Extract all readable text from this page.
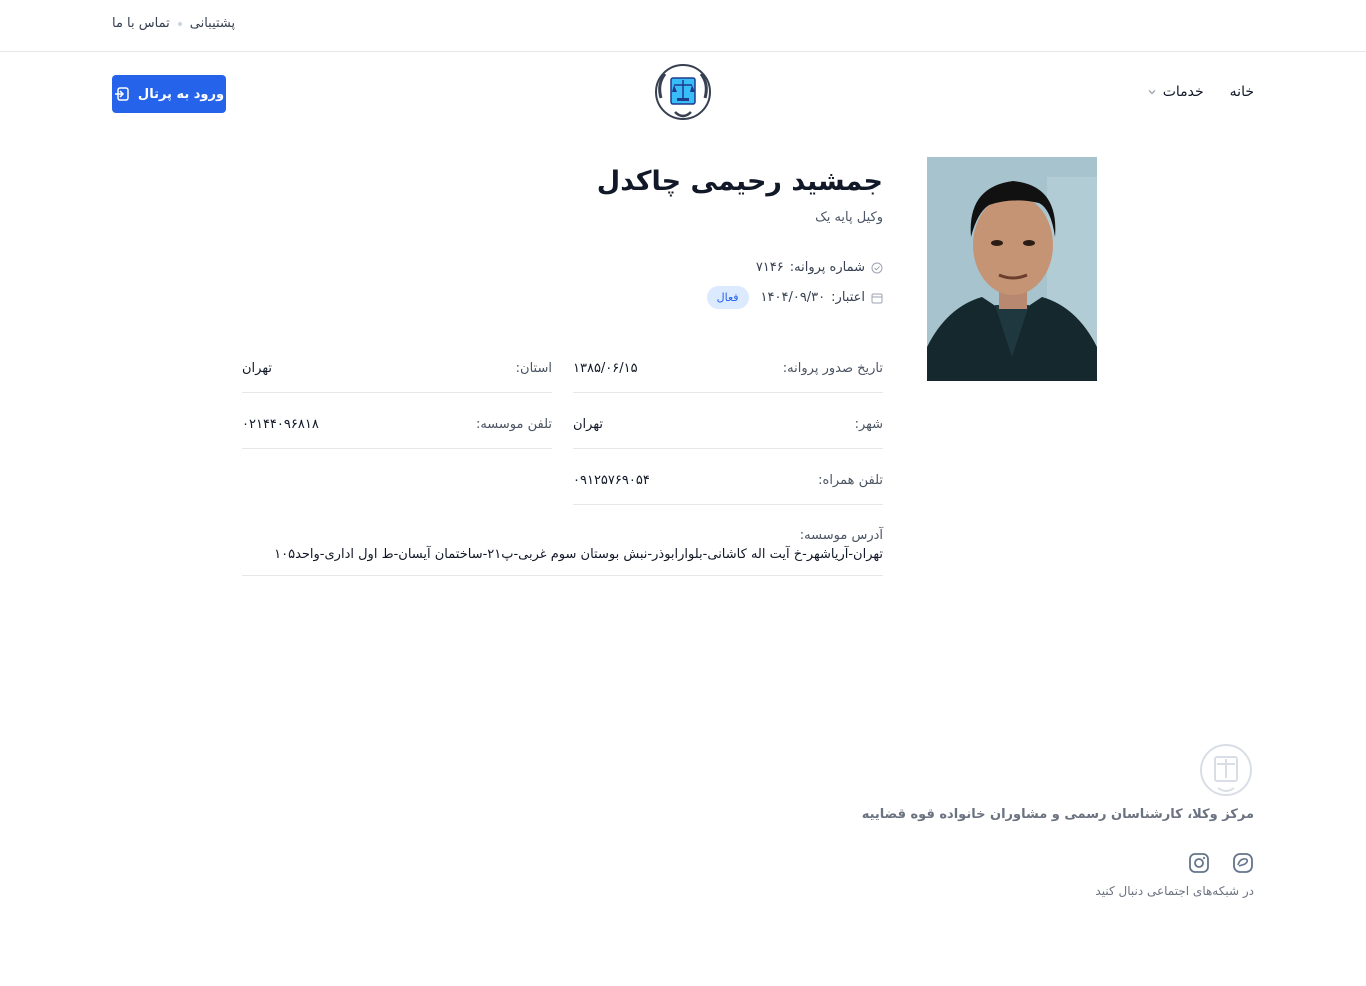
پشتیبانی
تماس با ما
خانه
خدمات
ورود به پرتال
جمشید رحیمی چاکدل
وکیل پایه یک
شماره پروانه:
۷۱۴۶
اعتبار:
۱۴۰۴/۰۹/۳۰
فعال
تاریخ صدور پروانه:
۱۳۸۵/۰۶/۱۵
استان:
تهران
شهر:
تهران
تلفن موسسه:
۰۲۱۴۴۰۹۶۸۱۸
تلفن همراه:
۰۹۱۲۵۷۶۹۰۵۴
آدرس موسسه:
تهران-آریاشهر-خ آیت اله کاشانی-بلوارابوذر-نبش بوستان سوم غربی-پ۲۱-ساختمان آیسان-ط اول اداری-واحد۱۰۵
مرکز وکلا، کارشناسان رسمی و مشاوران خانواده قوه قضاییه
در شبکه‌های اجتماعی دنبال کنید
